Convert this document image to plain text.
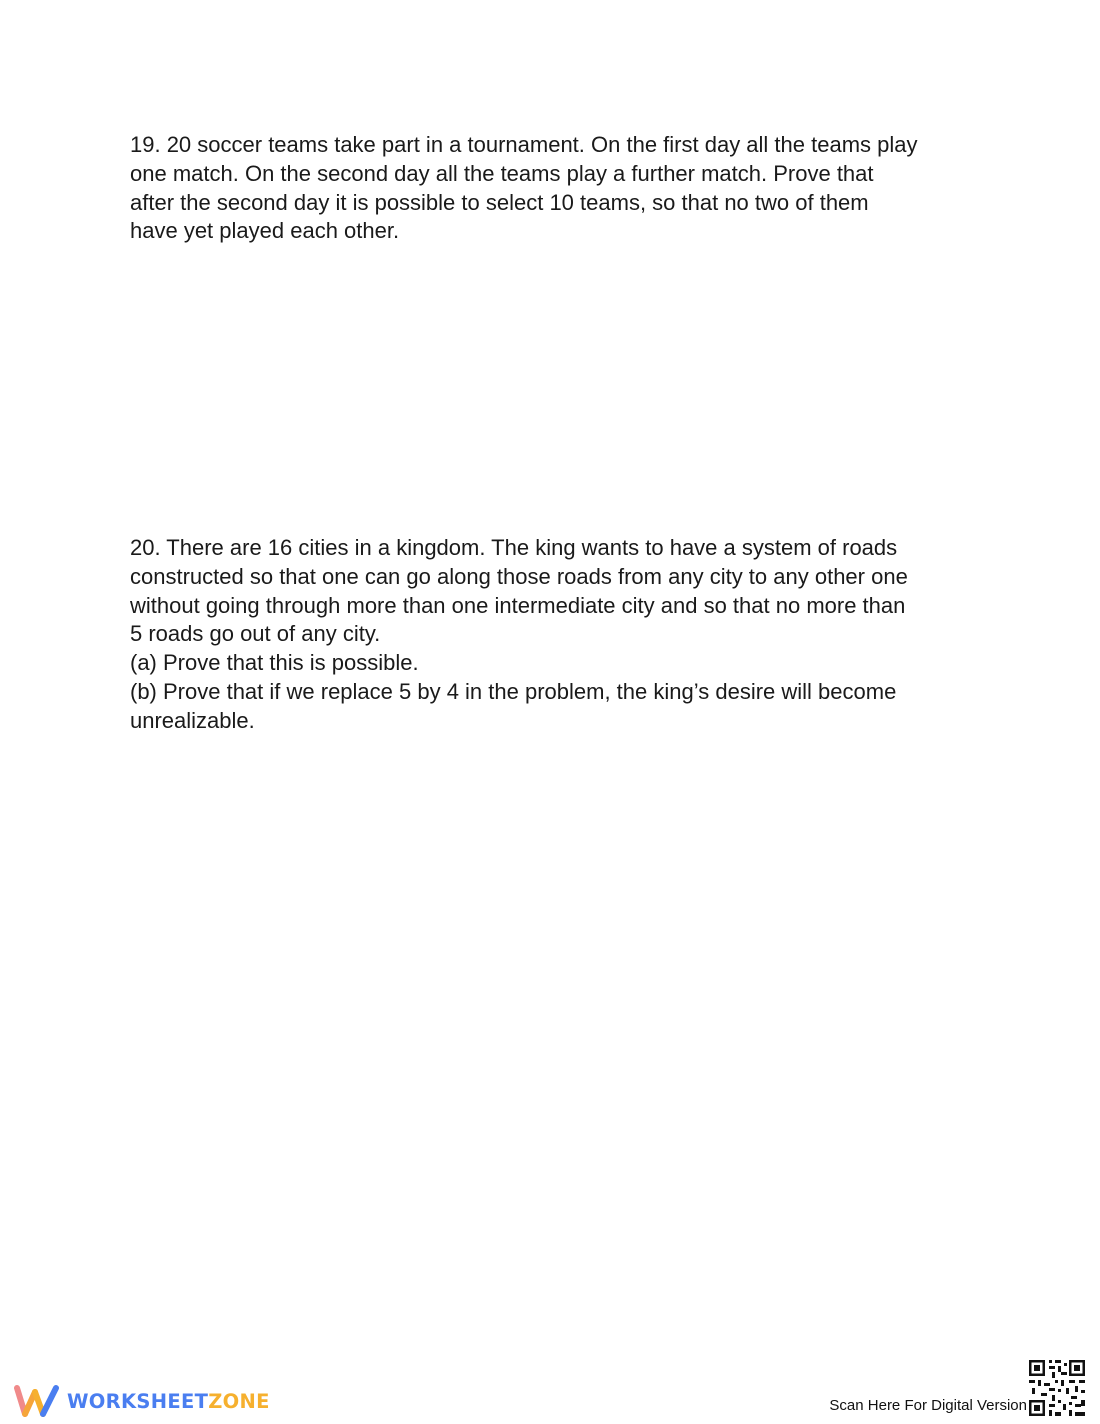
19. 20 soccer teams take part in a tournament. On the first day all the teams play
one match. On the second day all the teams play a further match. Prove that
after the second day it is possible to select 10 teams, so that no two of them
have yet played each other.
20. There are 16 cities in a kingdom. The king wants to have a system of roads
constructed so that one can go along those roads from any city to any other one
without going through more than one intermediate city and so that no more than
5 roads go out of any city.
(a) Prove that this is possible.
(b) Prove that if we replace 5 by 4 in the problem, the king’s desire will become
unrealizable.
WORKSHEETZONE	Scan Here For Digital Version
